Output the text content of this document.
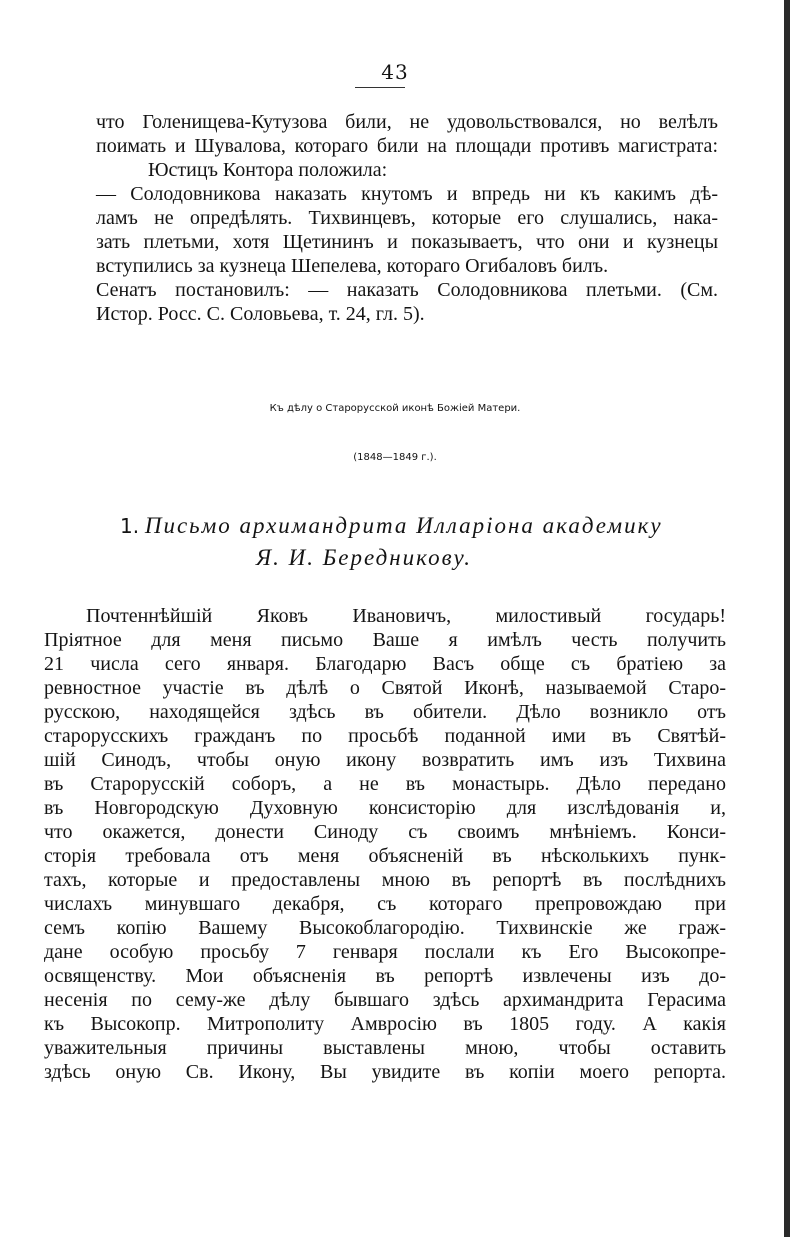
43
что Голенищева-Кутузова били, не удовольствовался, но велѣлъ
поимать и Шувалова, котораго били на площади противъ магистрата:
Юстицъ Контора положила:
— Солодовникова наказать кнутомъ и впредь ни къ какимъ дѣ-
ламъ не опредѣлять. Тихвинцевъ, которые его слушались, нака-
зать плетьми, хотя Щетининъ и показываетъ, что они и кузнецы
вступились за кузнеца Шепелева, котораго Огибаловъ билъ.
Сенатъ постановилъ: — наказать Солодовникова плетьми. (См.
Истор. Росс. С. Соловьева, т. 24, гл. 5).
Къ дѣлу о Старорусской иконѣ Божіей Матери.
(1848—1849 г.).
1. Письмо архимандрита Илларіона академику
Я. И. Бередникову.
Почтеннѣйшій Яковъ Ивановичъ, милостивый государь!
Пріятное для меня письмо Ваше я имѣлъ честь получить
21 числа сего января. Благодарю Васъ обще съ братіею за
ревностное участіе въ дѣлѣ о Святой Иконѣ, называемой Старо-
русскою, находящейся здѣсь въ обители. Дѣло возникло отъ
старорусскихъ гражданъ по просьбѣ поданной ими въ Святѣй-
шій Синодъ, чтобы оную икону возвратить имъ изъ Тихвина
въ Старорусскій соборъ, а не въ монастырь. Дѣло передано
въ Новгородскую Духовную консисторію для изслѣдованія и,
что окажется, донести Синоду съ своимъ мнѣніемъ. Конси-
сторія требовала отъ меня объясненій въ нѣсколькихъ пунк-
тахъ, которые и предоставлены мною въ репортѣ въ послѣднихъ
числахъ минувшаго декабря, съ котораго препровождаю при
семъ копію Вашему Высокоблагородію. Тихвинскіе же граж-
дане особую просьбу 7 генваря послали къ Его Высокопре-
освященству. Мои объясненія въ репортѣ извлечены изъ до-
несенія по сему-же дѣлу бывшаго здѣсь архимандрита Герасима
къ Высокопр. Митрополиту Амвросію въ 1805 году. А какія
уважительныя причины выставлены мною, чтобы оставить
здѣсь оную Св. Икону, Вы увидите въ копіи моего репорта.
